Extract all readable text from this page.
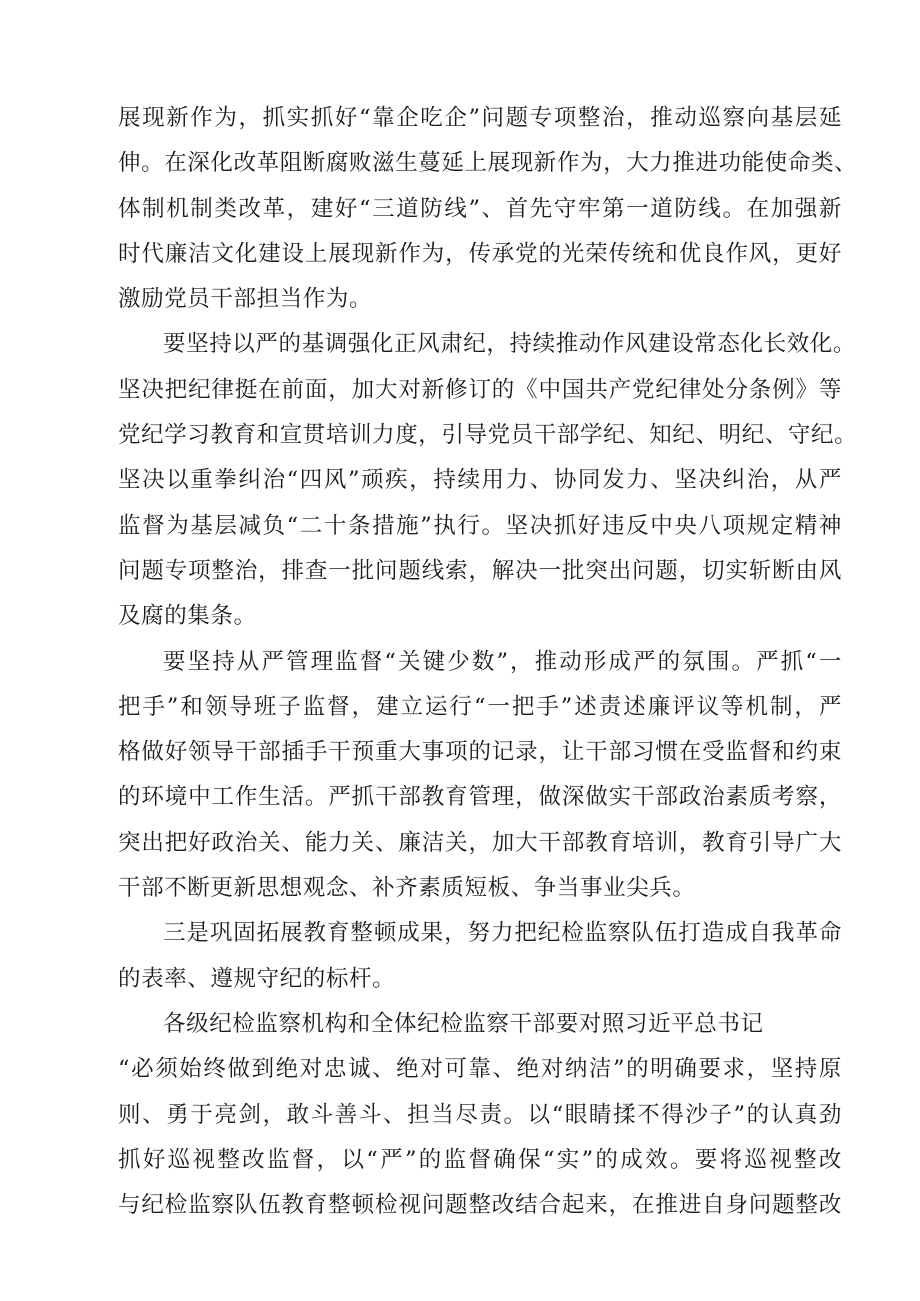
展现新作为，抓实抓好“靠企吃企”问题专项整治，推动巡察向基层延
伸。在深化改革阻断腐败滋生蔓延上展现新作为，大力推进功能使命类、
体制机制类改革，建好“三道防线”、首先守牢第一道防线。在加强新
时代廉洁文化建设上展现新作为，传承党的光荣传统和优良作风，更好
激励党员干部担当作为。
要坚持以严的基调强化正风肃纪，持续推动作风建设常态化长效化。
坚决把纪律挺在前面，加大对新修订的《中国共产党纪律处分条例》等
党纪学习教育和宣贯培训力度，引导党员干部学纪、知纪、明纪、守纪。
坚决以重拳纠治“四风”顽疾，持续用力、协同发力、坚决纠治，从严
监督为基层减负“二十条措施”执行。坚决抓好违反中央八项规定精神
问题专项整治，排查一批问题线索，解决一批突出问题，切实斩断由风
及腐的集条。
要坚持从严管理监督“关键少数”，推动形成严的氛围。严抓“一
把手”和领导班子监督，建立运行“一把手”述责述廉评议等机制，严
格做好领导干部插手干预重大事项的记录，让干部习惯在受监督和约束
的环境中工作生活。严抓干部教育管理，做深做实干部政治素质考察，
突出把好政治关、能力关、廉洁关，加大干部教育培训，教育引导广大
干部不断更新思想观念、补齐素质短板、争当事业尖兵。
三是巩固拓展教育整顿成果，努力把纪检监察队伍打造成自我革命
的表率、遵规守纪的标杆。
各级纪检监察机构和全体纪检监察干部要对照习近平总书记
“必须始终做到绝对忠诚、绝对可靠、绝对纳洁”的明确要求，坚持原
则、勇于亮剑，敢斗善斗、担当尽责。以“眼睛揉不得沙子”的认真劲
抓好巡视整改监督，以“严”的监督确保“实”的成效。要将巡视整改
与纪检监察队伍教育整顿检视问题整改结合起来，在推进自身问题整改
